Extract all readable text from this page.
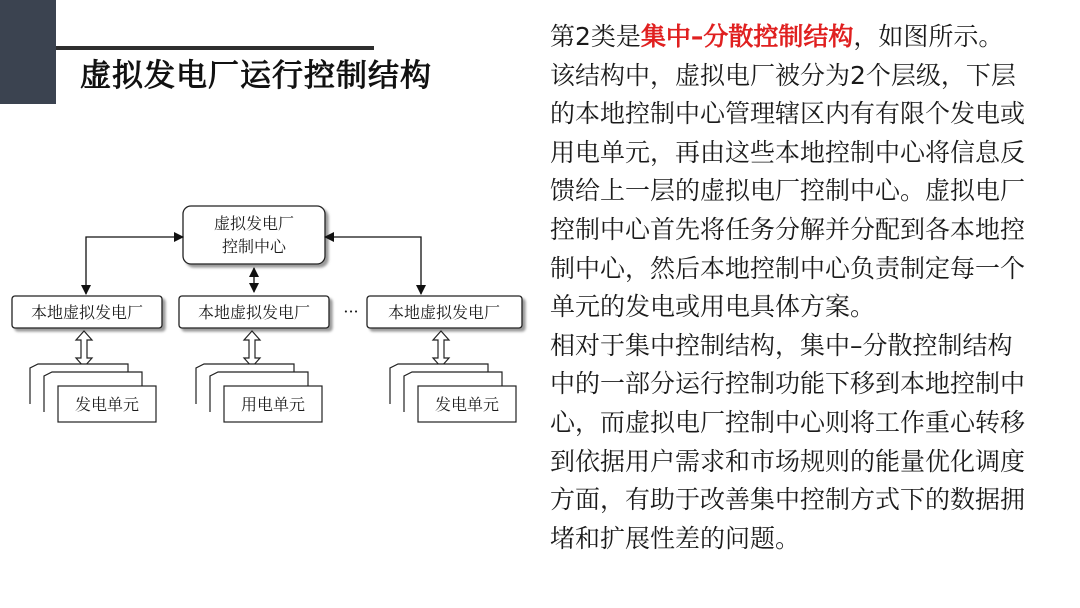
虚拟发电厂运行控制结构
虚拟发电厂
控制中心
本地虚拟发电厂	本地虚拟发电厂 ··· 本地虚拟发电厂
发电单元	用电单元	发电单元
第2类是集中–分散控制结构，如图所示。
该结构中，虚拟电厂被分为2个层级，下层
的本地控制中心管理辖区内有有限个发电或
用电单元，再由这些本地控制中心将信息反
馈给上一层的虚拟电厂控制中心。虚拟电厂
控制中心首先将任务分解并分配到各本地控
制中心，然后本地控制中心负责制定每一个
单元的发电或用电具体方案。
相对于集中控制结构，集中–分散控制结构
中的一部分运行控制功能下移到本地控制中
心，而虚拟电厂控制中心则将工作重心转移
到依据用户需求和市场规则的能量优化调度
方面，有助于改善集中控制方式下的数据拥
堵和扩展性差的问题。
